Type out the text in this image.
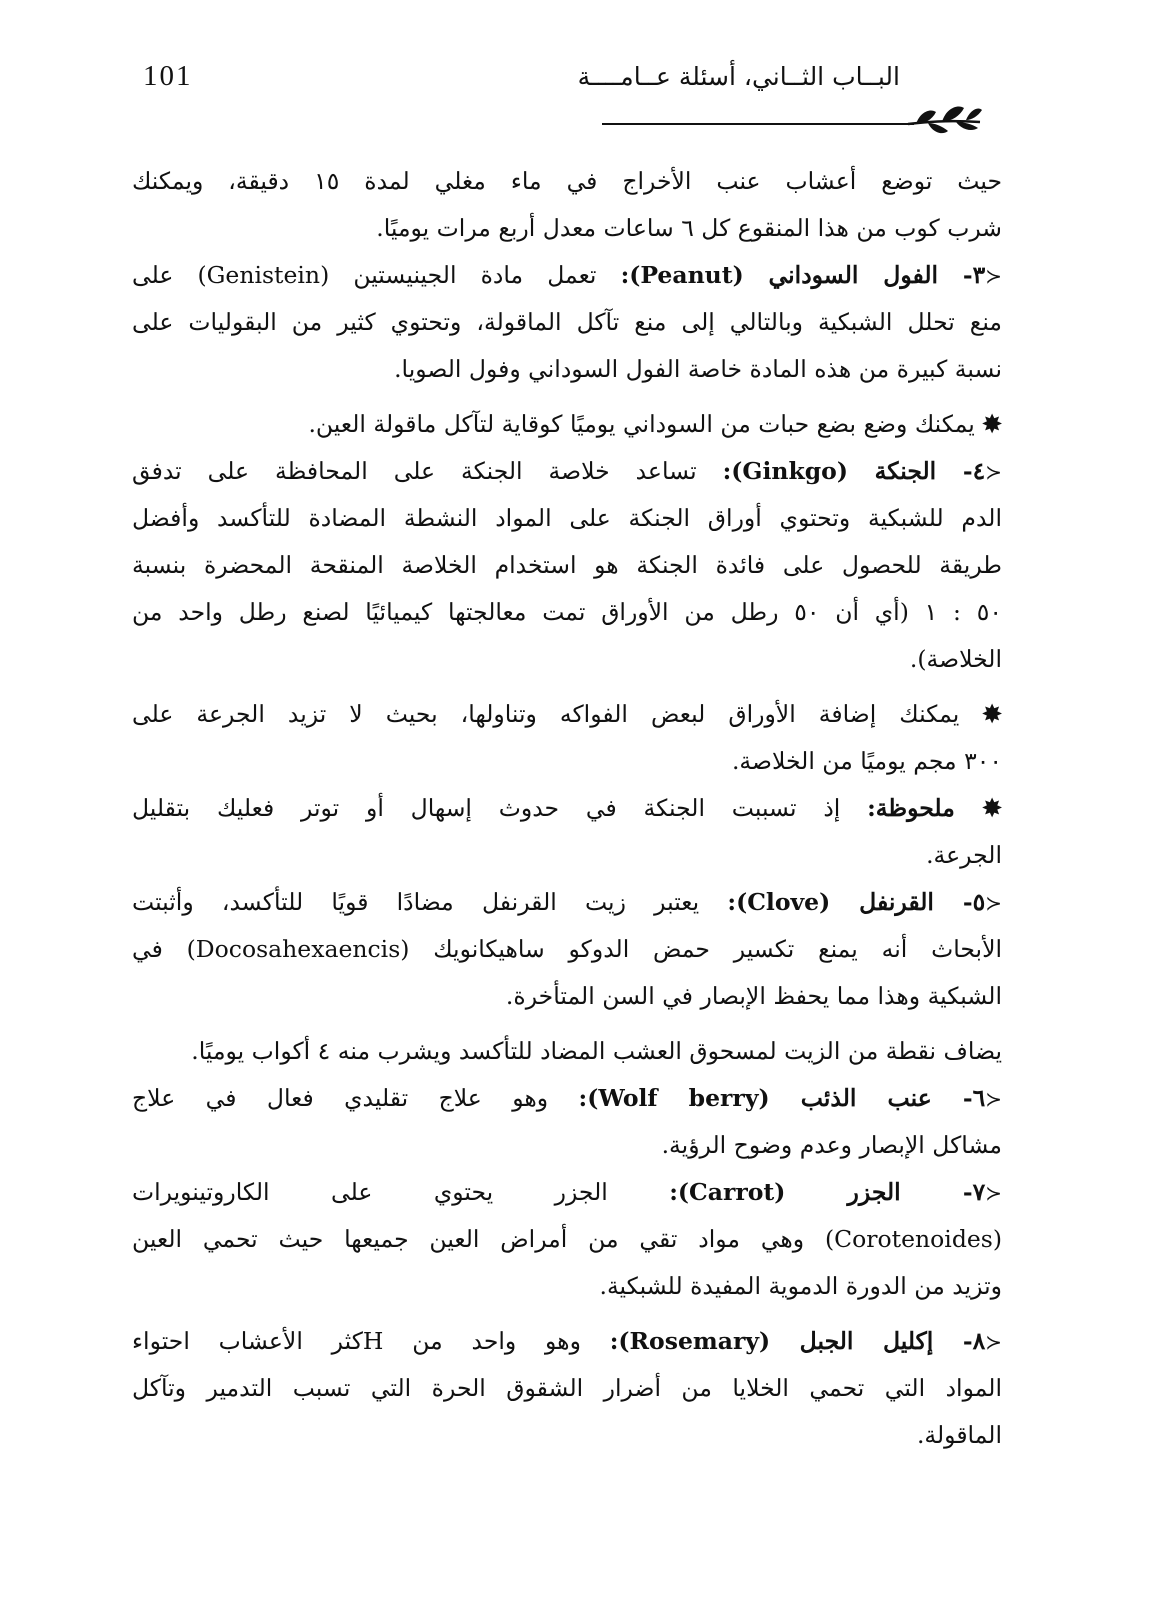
101	البــاب الثــاني، أسئلة عــامــــة
حيث توضع أعشاب عنب الأخراج في ماء مغلي لمدة ١٥ دقيقة، ويمكنك
شرب كوب من هذا المنقوع كل ٦ ساعات معدل أربع مرات يوميًا.
≺٣- الفول السوداني (Peanut): تعمل مادة الجينيستين (Genistein) على
منع تحلل الشبكية وبالتالي إلى منع تآكل الماقولة، وتحتوي كثير من البقوليات على
نسبة كبيرة من هذه المادة خاصة الفول السوداني وفول الصويا.
✸ يمكنك وضع بضع حبات من السوداني يوميًا كوقاية لتآكل ماقولة العين.
≺٤- الجنكة (Ginkgo): تساعد خلاصة الجنكة على المحافظة على تدفق
الدم للشبكية وتحتوي أوراق الجنكة على المواد النشطة المضادة للتأكسد وأفضل
طريقة للحصول على فائدة الجنكة هو استخدام الخلاصة المنقحة المحضرة بنسبة
٥٠ : ١ (أي أن ٥٠ رطل من الأوراق تمت معالجتها كيميائيًا لصنع رطل واحد من
الخلاصة).
✸ يمكنك إضافة الأوراق لبعض الفواكه وتناولها، بحيث لا تزيد الجرعة على
٣٠٠ مجم يوميًا من الخلاصة.
✸ ملحوظة: إذ تسببت الجنكة في حدوث إسهال أو توتر فعليك بتقليل
الجرعة.
≺٥- القرنفل (Clove): يعتبر زيت القرنفل مضادًا قويًا للتأكسد، وأثبتت
الأبحاث أنه يمنع تكسير حمض الدوكو ساهيكانويك (Docosahexaencis) في
الشبكية وهذا مما يحفظ الإبصار في السن المتأخرة.
يضاف نقطة من الزيت لمسحوق العشب المضاد للتأكسد ويشرب منه ٤ أكواب يوميًا.
≺٦- عنب الذئب (Wolf berry): وهو علاج تقليدي فعال في علاج
مشاكل الإبصار وعدم وضوح الرؤية.
≺٧- الجزر (Carrot): الجزر يحتوي على الكاروتينويرات
(Corotenoides) وهي مواد تقي من أمراض العين جميعها حيث تحمي العين
وتزيد من الدورة الدموية المفيدة للشبكية.
≺٨- إكليل الجبل (Rosemary): وهو واحد من Hكثر الأعشاب احتواء
المواد التي تحمي الخلايا من أضرار الشقوق الحرة التي تسبب التدمير وتآكل
الماقولة.
